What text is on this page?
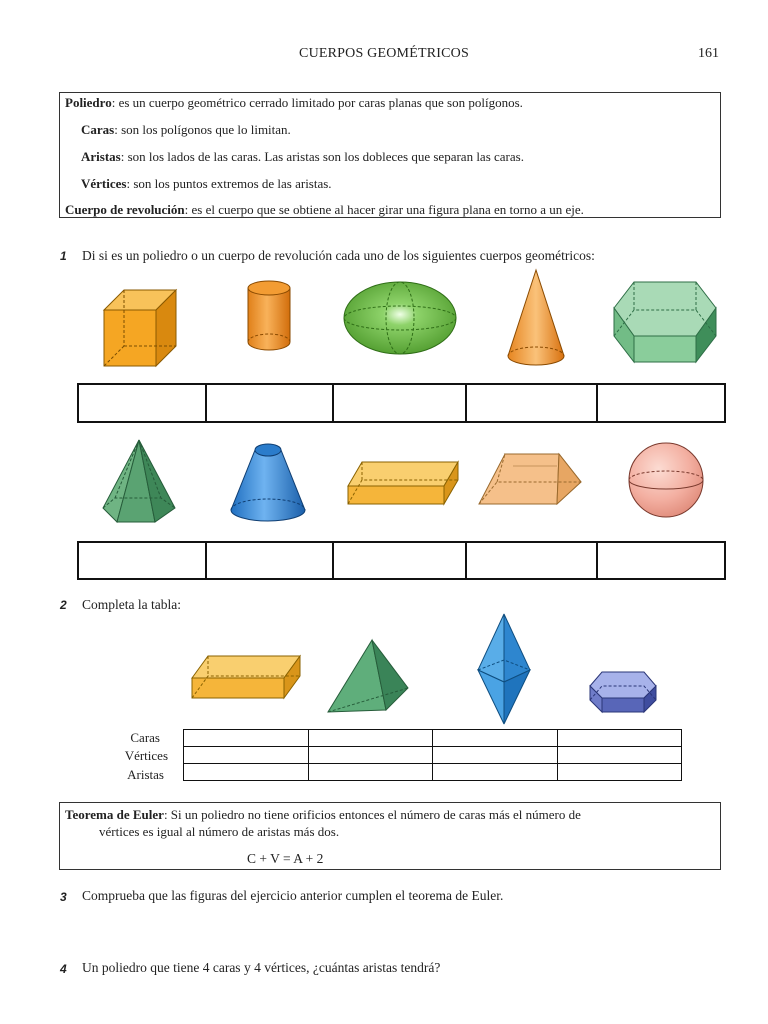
CUERPOS GEOMÉTRICOS	161
Poliedro: es un cuerpo geométrico cerrado limitado por caras planas que son polígonos.
Caras: son los polígonos que lo limitan.
Aristas: son los lados de las caras. Las aristas son los dobleces que separan las caras.
Vértices: son los puntos extremos de las aristas.
Cuerpo de revolución: es el cuerpo que se obtiene al hacer girar una figura plana en torno a un eje.
1 Di si es un poliedro o un cuerpo de revolución cada uno de los siguientes cuerpos geométricos:

2 Completa la tabla:
Caras
Vértices
Aristas

Teorema de Euler: Si un poliedro no tiene orificios entonces el número de caras más el número de
vértices es igual al número de aristas más dos.
C + V = A + 2
3 Comprueba que las figuras del ejercicio anterior cumplen el teorema de Euler.
4 Un poliedro que tiene 4 caras y 4 vértices, ¿cuántas aristas tendrá?
